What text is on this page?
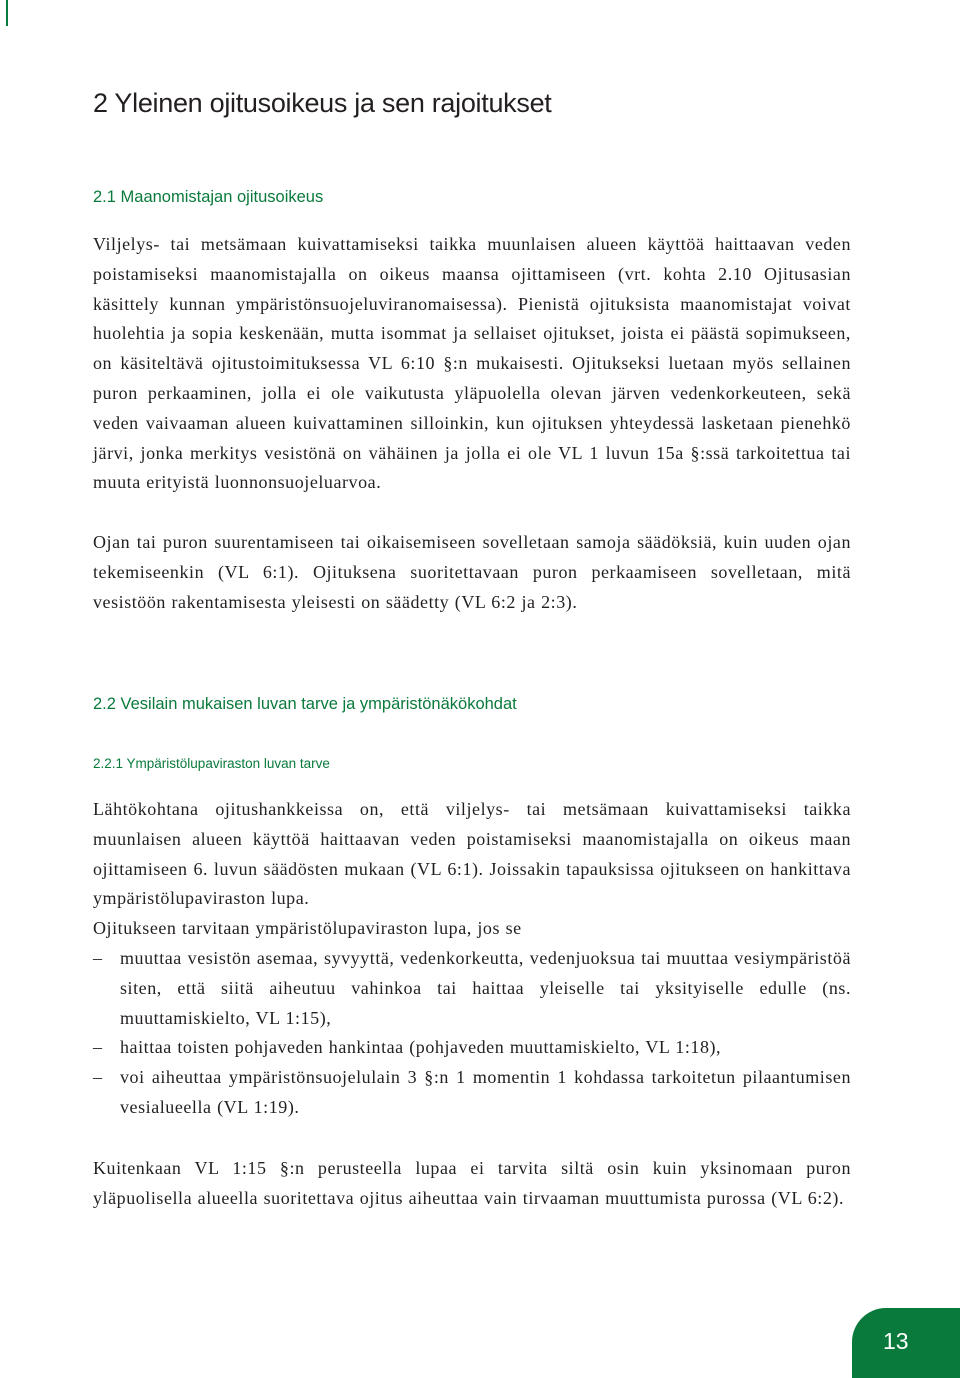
2 Yleinen ojitusoikeus ja sen rajoitukset
2.1 Maanomistajan ojitusoikeus

Viljelys- tai metsämaan kuivattamiseksi taikka muunlaisen alueen käyttöä haittaavan veden poistamiseksi maanomistajalla on oikeus maansa ojittamiseen (vrt. kohta 2.10 Ojitusasian käsittely kunnan ympäristönsuojeluviranomaisessa). Pienistä ojituksista maanomistajat voivat huolehtia ja sopia keskenään, mutta isommat ja sellaiset ojitukset, joista ei päästä sopimukseen, on käsiteltävä ojitustoimituksessa VL 6:10 §:n mukaisesti. Ojitukseksi luetaan myös sellainen puron perkaaminen, jolla ei ole vaikutusta yläpuolella olevan järven vedenkorkeuteen, sekä veden vaivaaman alueen kuivattaminen silloinkin, kun ojituksen yhteydessä lasketaan pienehkö järvi, jonka merkitys vesistönä on vähäinen ja jolla ei ole VL 1 luvun 15a §:ssä tarkoitettua tai muuta erityistä luonnonsuojeluarvoa.

Ojan tai puron suurentamiseen tai oikaisemiseen sovelletaan samoja säädöksiä, kuin uuden ojan tekemiseenkin (VL 6:1). Ojituksena suoritettavaan puron perkaamiseen sovelletaan, mitä vesistöön rakentamisesta yleisesti on säädetty (VL 6:2 ja 2:3).

2.2 Vesilain mukaisen luvan tarve ja ympäristönäkökohdat
2.2.1 Ympäristölupaviraston luvan tarve

Lähtökohtana ojitushankkeissa on, että viljelys- tai metsämaan kuivattamiseksi taikka muunlaisen alueen käyttöä haittaavan veden poistamiseksi maanomistajalla on oikeus maan ojittamiseen 6. luvun säädösten mukaan (VL 6:1). Joissakin tapauksissa ojitukseen on hankittava ympäristölupaviraston lupa.

Ojitukseen tarvitaan ympäristölupaviraston lupa, jos se

– muuttaa vesistön asemaa, syvyyttä, vedenkorkeutta, vedenjuoksua tai muuttaa vesiympäristöä siten, että siitä aiheutuu vahinkoa tai haittaa yleiselle tai yksityiselle edulle (ns. muuttamiskielto, VL 1:15),
– haittaa toisten pohjaveden hankintaa (pohjaveden muuttamiskielto, VL 1:18),
– voi aiheuttaa ympäristönsuojelulain 3 §:n 1 momentin 1 kohdassa tarkoitetun pilaantumisen vesialueella (VL 1:19).

Kuitenkaan VL 1:15 §:n perusteella lupaa ei tarvita siltä osin kuin yksinomaan puron yläpuolisella alueella suoritettava ojitus aiheuttaa vain tirvaaman muuttumista purossa (VL 6:2).

13
